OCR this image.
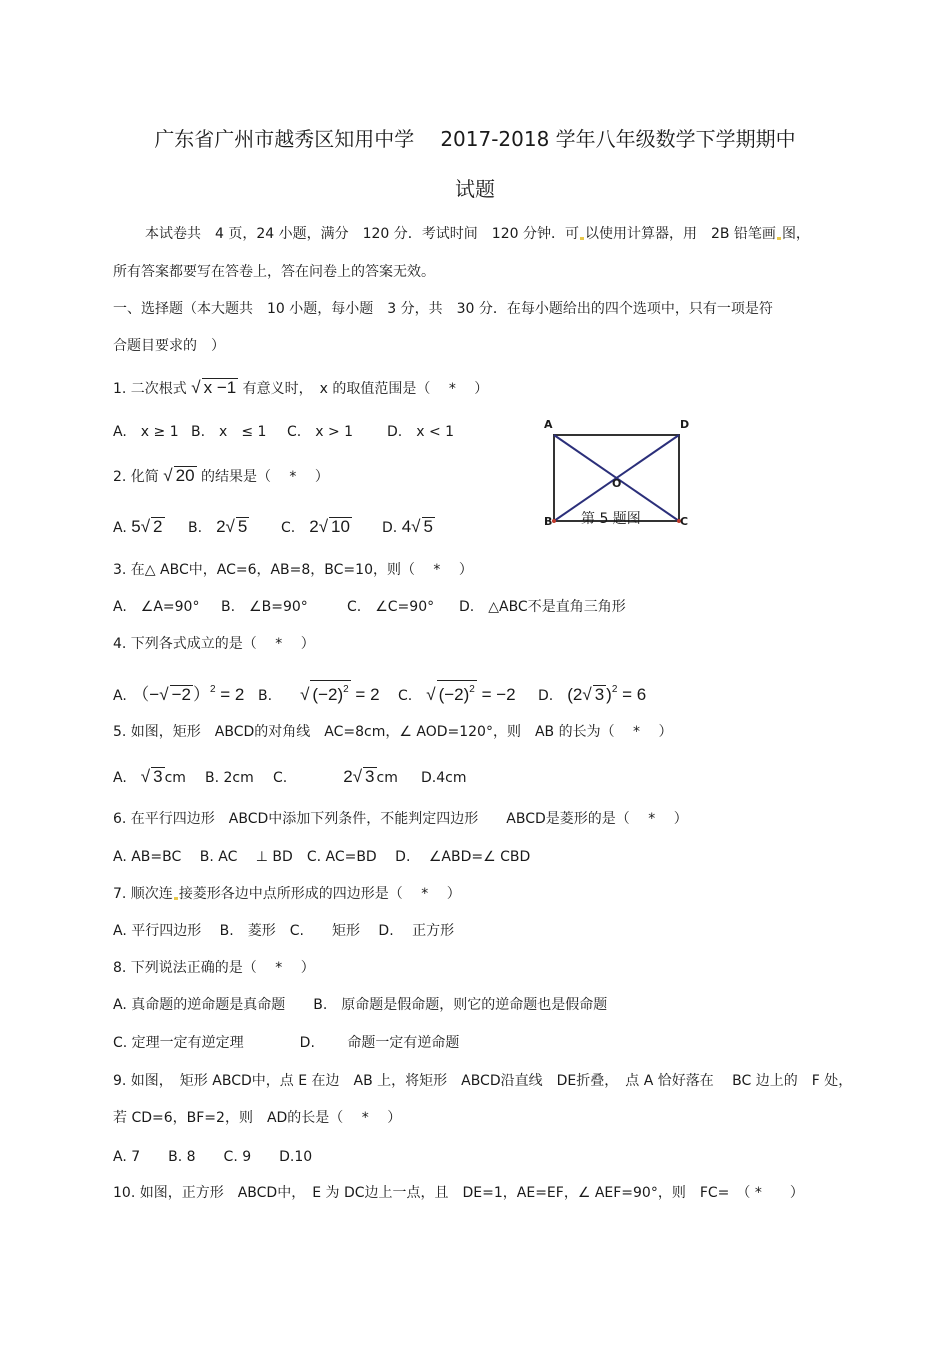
广东省广州市越秀区知用中学 2017-2018 学年八年级数学下学期期中
试题
本试卷共　4 页，24 小题，满分　120 分．考试时间　120 分钟．可 以使用计算器，用　2B 铅笔画 图，
所有答案都要写在答卷上，答在问卷上的答案无效。
一、选择题（本大题共　10 小题，每小题　3 分，共　30 分．在每小题给出的四个选项中，只有一项是符
合题目要求的　）
1. 二次根式 √ x −1 有意义时，　x 的取值范围是（　 *　 ）
A.　x ≥ 1 B.　x　≤ 1 C.　x > 1 D.　x < 1
2. 化简 √ 20 的结果是（　 *　 ）
A. 5√ 2 B.　 2√ 5 C.　 2√ 10 D. 4√ 5
A	D
O
B	C
第 5 题图
3. 在△ ABC中，AC=6，AB=8，BC=10，则（　 *　 ）
A.　∠A=90° B.　∠B=90°	C.　∠C=90° D.　△ABC不是直角三角形
4. 下列各式成立的是（　 *　 ）
A.　 （−√ −2 ）$^2$ = 2 B.　　 √ $(-2)^2 = 2$ C.　 √ $(-2)^2 = -2$ D.　 (2√ 3 )$^2$ = 6
5. 如图，矩形　ABCD的对角线　AC=8cm，∠ AOD=120°，则　AB 的长为（　 *　 ）
A.　 √ 3 cm B. 2cm C.	2√ 3 cm D.4cm
6. 在平行四边形　ABCD中添加下列条件，不能判定四边形　　ABCD是菱形的是（　 *　 ）
A. AB=BC　 B. AC　 ⊥ BD　C. AC=BD　 D.　 ∠ABD=∠ CBD
7. 顺次连 接菱形各边中点所形成的四边形是（　 *　 ）
A. 平行四边形　 B.　菱形　C.　　矩形　 D.　 正方形
8. 下列说法正确的是（　 *　 ）
A. 真命题的逆命题是真命题　　B.　原命题是假命题，则它的逆命题也是假命题
C. 定理一定有逆定理　　　　D.　　 命题一定有逆命题
9. 如图，　矩形 ABCD中，点 E 在边　AB 上，将矩形　ABCD沿直线　DE折叠，　点 A 恰好落在　 BC 边上的　F 处，
若 CD=6，BF=2，则　AD的长是（　 *　 ）
A. 7　　B. 8　　C. 9　　D.10
10. 如图，正方形　ABCD中，　E 为 DC边上一点，且　DE=1，AE=EF，∠ AEF=90°，则　FC=　（ *　　）
